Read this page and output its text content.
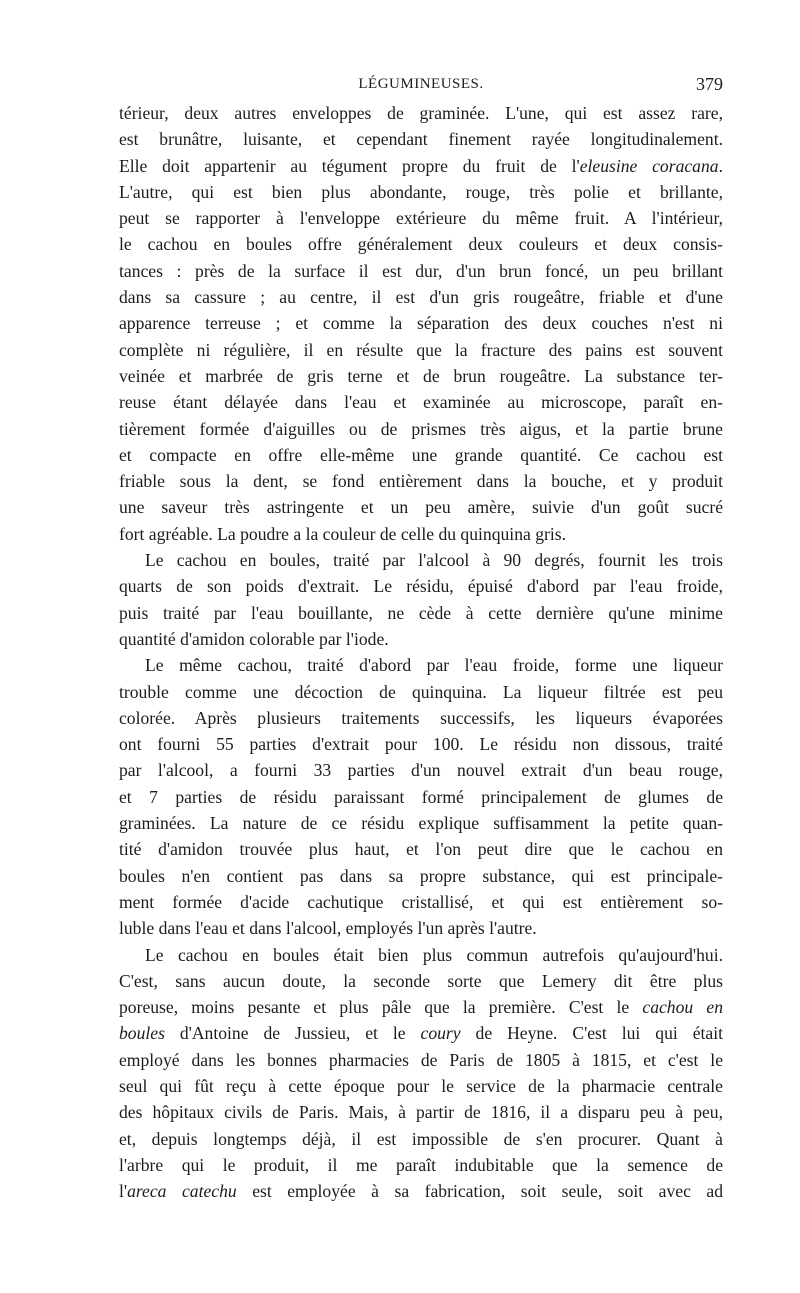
LÉGUMINEUSES.	379
térieur, deux autres enveloppes de graminée. L'une, qui est assez rare,
est brunâtre, luisante, et cependant finement rayée longitudinalement.
Elle doit appartenir au tégument propre du fruit de l'eleusine coracana.
L'autre, qui est bien plus abondante, rouge, très polie et brillante,
peut se rapporter à l'enveloppe extérieure du même fruit. A l'intérieur,
le cachou en boules offre généralement deux couleurs et deux consis-
tances : près de la surface il est dur, d'un brun foncé, un peu brillant
dans sa cassure ; au centre, il est d'un gris rougeâtre, friable et d'une
apparence terreuse ; et comme la séparation des deux couches n'est ni
complète ni régulière, il en résulte que la fracture des pains est souvent
veinée et marbrée de gris terne et de brun rougeâtre. La substance ter-
reuse étant délayée dans l'eau et examinée au microscope, paraît en-
tièrement formée d'aiguilles ou de prismes très aigus, et la partie brune
et compacte en offre elle-même une grande quantité. Ce cachou est
friable sous la dent, se fond entièrement dans la bouche, et y produit
une saveur très astringente et un peu amère, suivie d'un goût sucré
fort agréable. La poudre a la couleur de celle du quinquina gris.
Le cachou en boules, traité par l'alcool à 90 degrés, fournit les trois
quarts de son poids d'extrait. Le résidu, épuisé d'abord par l'eau froide,
puis traité par l'eau bouillante, ne cède à cette dernière qu'une minime
quantité d'amidon colorable par l'iode.
Le même cachou, traité d'abord par l'eau froide, forme une liqueur
trouble comme une décoction de quinquina. La liqueur filtrée est peu
colorée. Après plusieurs traitements successifs, les liqueurs évaporées
ont fourni 55 parties d'extrait pour 100. Le résidu non dissous, traité
par l'alcool, a fourni 33 parties d'un nouvel extrait d'un beau rouge,
et 7 parties de résidu paraissant formé principalement de glumes de
graminées. La nature de ce résidu explique suffisamment la petite quan-
tité d'amidon trouvée plus haut, et l'on peut dire que le cachou en
boules n'en contient pas dans sa propre substance, qui est principale-
ment formée d'acide cachutique cristallisé, et qui est entièrement so-
luble dans l'eau et dans l'alcool, employés l'un après l'autre.
Le cachou en boules était bien plus commun autrefois qu'aujourd'hui.
C'est, sans aucun doute, la seconde sorte que Lemery dit être plus
poreuse, moins pesante et plus pâle que la première. C'est le cachou en
boules d'Antoine de Jussieu, et le coury de Heyne. C'est lui qui était
employé dans les bonnes pharmacies de Paris de 1805 à 1815, et c'est le
seul qui fût reçu à cette époque pour le service de la pharmacie centrale
des hôpitaux civils de Paris. Mais, à partir de 1816, il a disparu peu à peu,
et, depuis longtemps déjà, il est impossible de s'en procurer. Quant à
l'arbre qui le produit, il me paraît indubitable que la semence de
l'areca catechu est employée à sa fabrication, soit seule, soit avec ad
